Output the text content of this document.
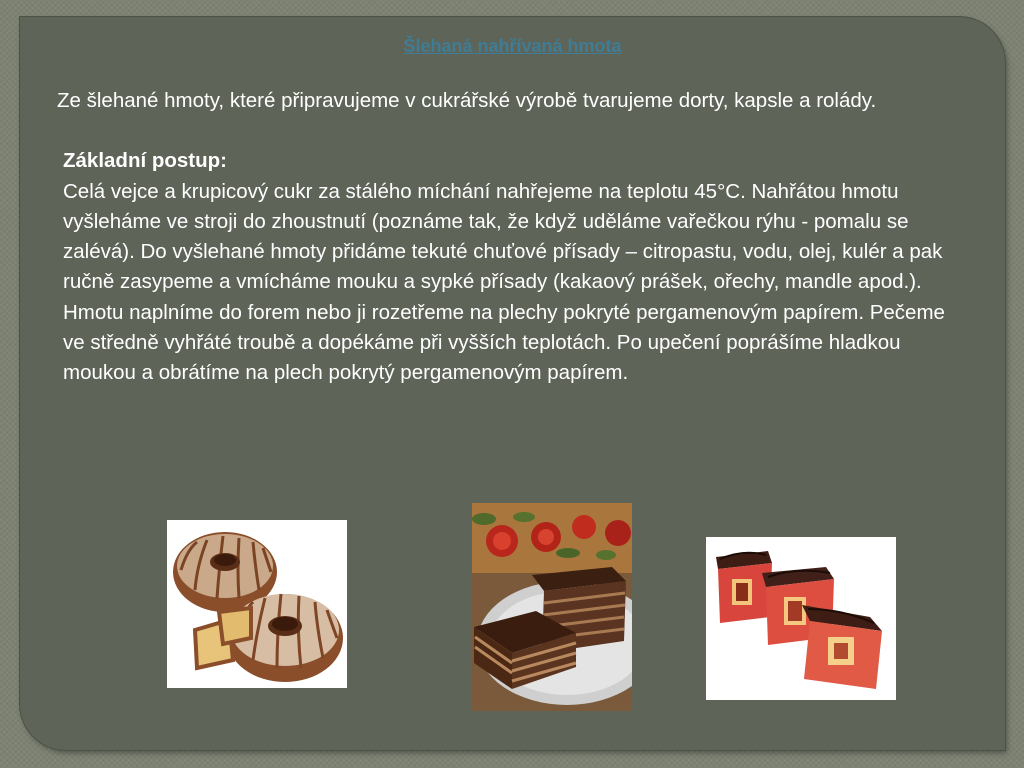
Šlehaná nahřívaná hmota

Ze šlehané hmoty, které připravujeme v cukrářské výrobě tvarujeme dorty, kapsle a rolády.

Základní postup:

Celá vejce a krupicový cukr za stálého míchání nahřejeme na teplotu 45°C. Nahřátou hmotu vyšleháme ve stroji do zhoustnutí (poznáme tak, že když uděláme vařečkou rýhu - pomalu se zalévá). Do vyšlehané hmoty přidáme tekuté chuťové přísady – citropastu, vodu, olej, kulér a pak ručně zasypeme a vmícháme mouku a sypké přísady (kakaový prášek, ořechy, mandle apod.). Hmotu naplníme do forem nebo ji rozetřeme na plechy pokryté pergamenovým papírem. Pečeme ve středně vyhřáté troubě a dopékáme při vyšších teplotách. Po upečení poprášíme hladkou moukou a obrátíme na plech pokrytý pergamenovým papírem.
